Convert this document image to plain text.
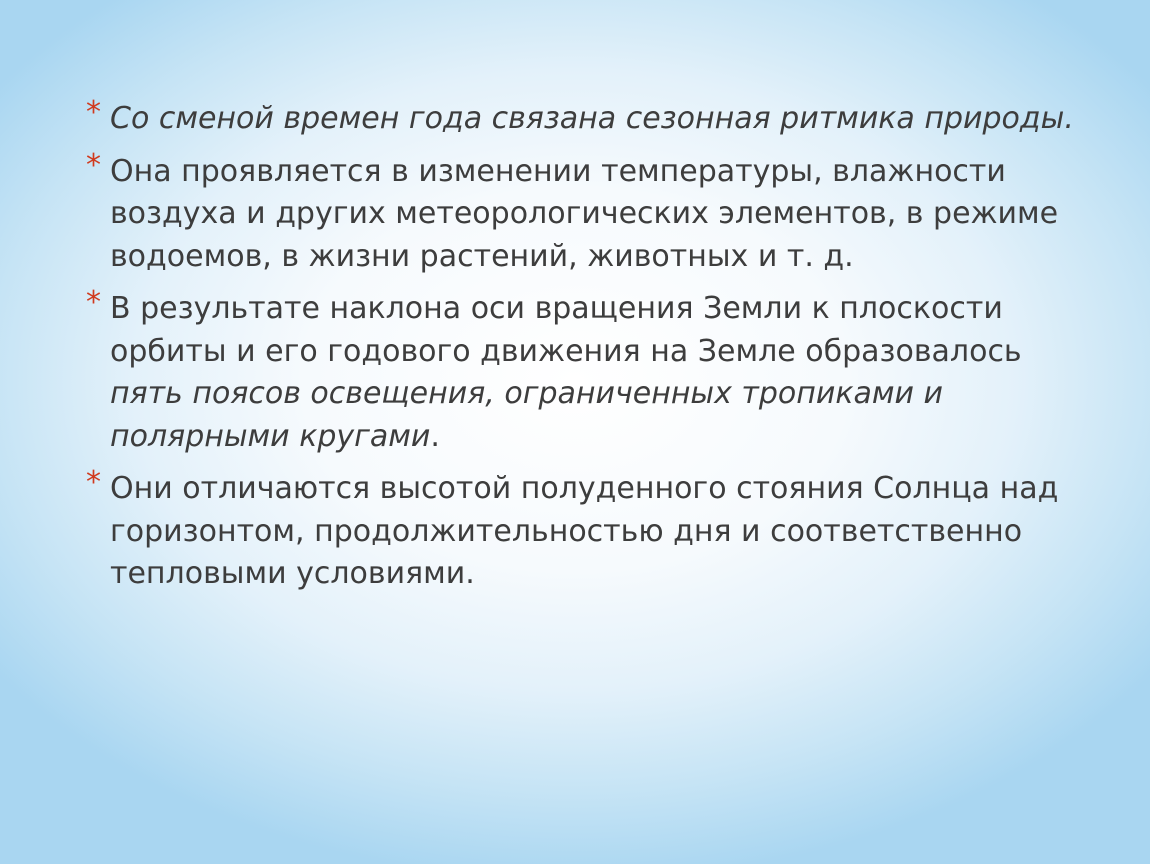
* Со сменой времен года связана сезонная ритмика природы.
* Она проявляется в изменении температуры, влажности воздуха и других метеорологических элементов, в режиме водоемов, в жизни растений, животных и т. д.
* В результате наклона оси вращения Земли к плоскости орбиты и его годового движения на Земле образовалось пять поясов освещения, ограниченных тропиками и полярными кругами.
* Они отличаются высотой полуденного стояния Солнца над горизонтом, продолжительностью дня и соответственно тепловыми условиями.
